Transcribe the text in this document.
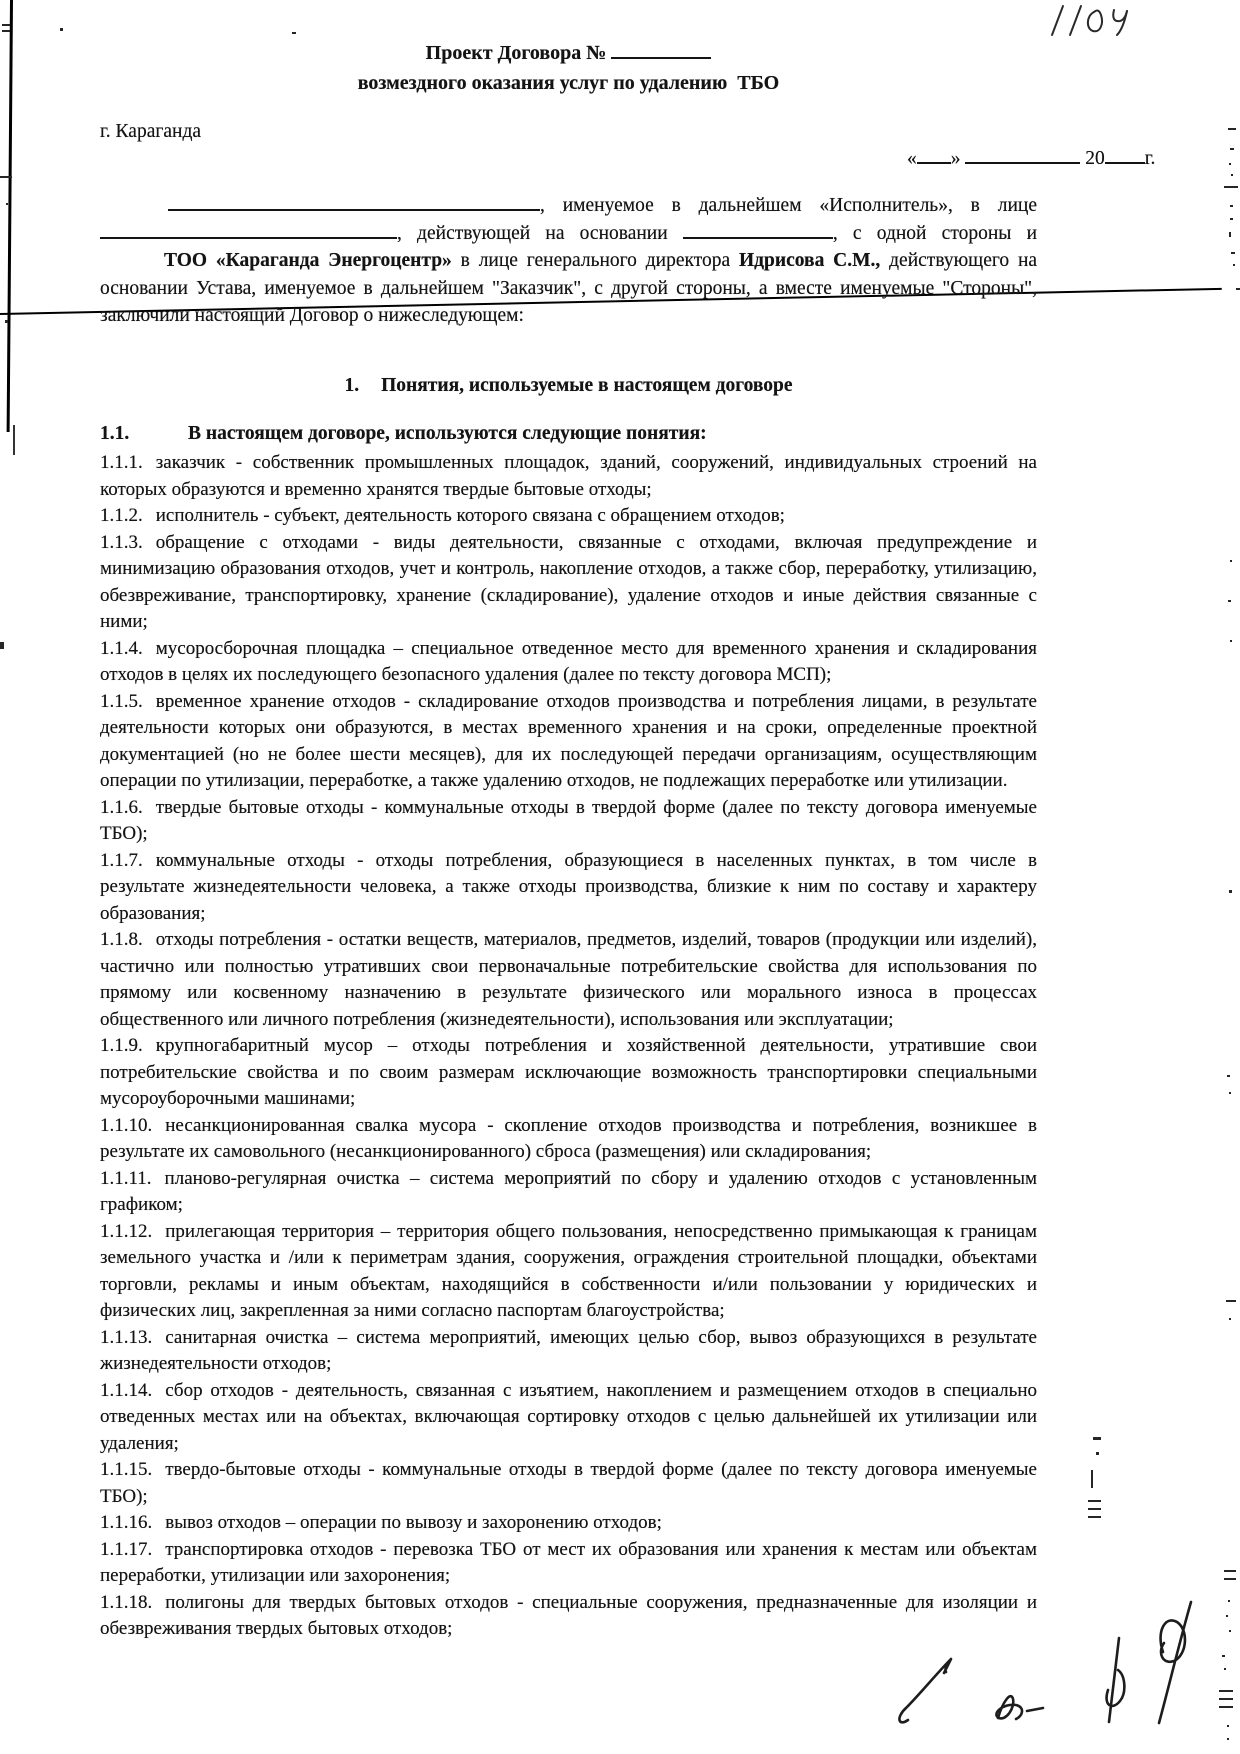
Проект Договора №
возмездного оказания услуг по удалению  ТБО
г. Караганда
, именуемое в дальнейшем «Исполнитель», в лице
, действующей на основании	, с одной стороны и
ТОО «Караганда Энергоцентр» в лице генерального директора Идрисова С.М., действующего на основании Устава, именуемое в дальнейшем "Заказчик", с другой стороны, а вместе именуемые "Стороны", заключили настоящий Договор о нижеследующем:
1. Понятия, используемые в настоящем договоре
1.1.	В настоящем договоре, используются следующие понятия:

1.1.1. заказчик - собственник промышленных площадок, зданий, сооружений, индивидуальных строений на которых образуются и временно хранятся твердые бытовые отходы;

1.1.2. исполнитель - субъект, деятельность которого связана с обращением отходов;

1.1.3. обращение с отходами - виды деятельности, связанные с отходами, включая предупреждение и минимизацию образования отходов, учет и контроль, накопление отходов, а также сбор, переработку, утилизацию, обезвреживание, транспортировку, хранение (складирование), удаление отходов и иные действия связанные с ними;

1.1.4. мусоросборочная площадка – специальное отведенное место для временного хранения и складирования отходов в целях их последующего безопасного удаления (далее по тексту договора МСП);

1.1.5. временное хранение отходов - складирование отходов производства и потребления лицами, в результате деятельности которых они образуются, в местах временного хранения и на сроки, определенные проектной документацией (но не более шести месяцев), для их последующей передачи организациям, осуществляющим операции по утилизации, переработке, а также удалению отходов, не подлежащих переработке или утилизации.

1.1.6. твердые бытовые отходы - коммунальные отходы в твердой форме (далее по тексту договора именуемые ТБО);

1.1.7. коммунальные отходы - отходы потребления, образующиеся в населенных пунктах, в том числе в результате жизнедеятельности человека, а также отходы производства, близкие к ним по составу и характеру образования;

1.1.8. отходы потребления - остатки веществ, материалов, предметов, изделий, товаров (продукции или изделий), частично или полностью утративших свои первоначальные потребительские свойства для использования по прямому или косвенному назначению в результате физического или морального износа в процессах общественного или личного потребления (жизнедеятельности), использования или эксплуатации;

1.1.9. крупногабаритный мусор – отходы потребления и хозяйственной деятельности, утратившие свои потребительские свойства и по своим размерам исключающие возможность транспортировки специальными мусороуборочными машинами;

1.1.10. несанкционированная свалка мусора - скопление отходов производства и потребления, возникшее в результате их самовольного (несанкционированного) сброса (размещения) или складирования;

1.1.11. планово-регулярная очистка – система мероприятий по сбору и удалению отходов с установленным графиком;

1.1.12. прилегающая территория – территория общего пользования, непосредственно примыкающая к границам земельного участка и /или к периметрам здания, сооружения, ограждения строительной площадки, объектами торговли, рекламы и иным объектам, находящийся в собственности и/или пользовании у юридических и физических лиц, закрепленная за ними согласно паспортам благоустройства;

1.1.13. санитарная очистка – система мероприятий, имеющих целью сбор, вывоз образующихся в результате жизнедеятельности отходов;

1.1.14. сбор отходов - деятельность, связанная с изъятием, накоплением и размещением отходов в специально отведенных местах или на объектах, включающая сортировку отходов с целью дальнейшей их утилизации или удаления;

1.1.15. твердо-бытовые отходы - коммунальные отходы в твердой форме (далее по тексту договора именуемые ТБО);

1.1.16. вывоз отходов – операции по вывозу и захоронению отходов;

1.1.17. транспортировка отходов - перевозка ТБО от мест их образования или хранения к местам или объектам переработки, утилизации или захоронения;

1.1.18. полигоны для твердых бытовых отходов - специальные сооружения, предназначенные для изоляции и обезвреживания твердых бытовых отходов;

« »	20 г.
